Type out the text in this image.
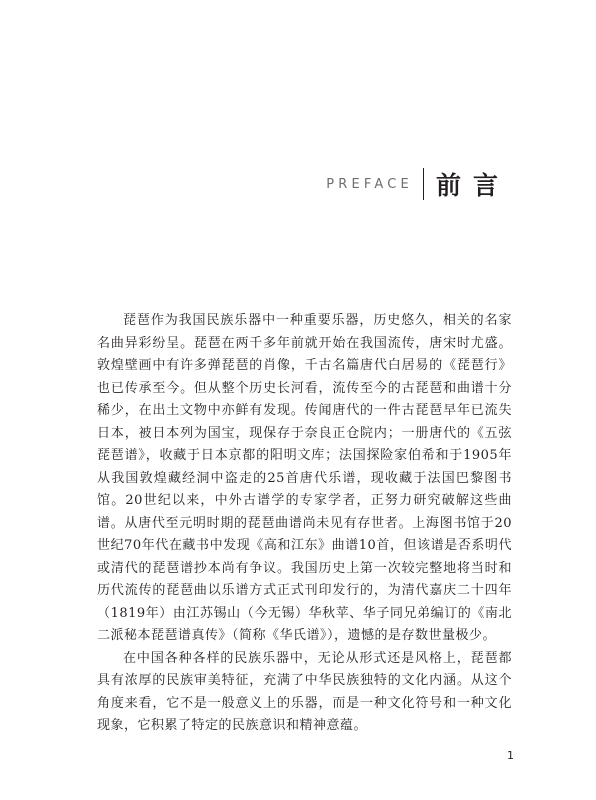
PREFACE 前言

琵琶作为我国民族乐器中一种重要乐器，历史悠久，相关的名家名曲异彩纷呈。琵琶在两千多年前就开始在我国流传，唐宋时尤盛。敦煌壁画中有许多弹琵琶的肖像，千古名篇唐代白居易的《琵琶行》也已传承至今。但从整个历史长河看，流传至今的古琵琶和曲谱十分稀少，在出土文物中亦鲜有发现。传闻唐代的一件古琵琶早年已流失日本，被日本列为国宝，现保存于奈良正仓院内；一册唐代的《五弦琵琶谱》，收藏于日本京都的阳明文库；法国探险家伯希和于1905年从我国敦煌藏经洞中盗走的25首唐代乐谱，现收藏于法国巴黎图书馆。20世纪以来，中外古谱学的专家学者，正努力研究破解这些曲谱。从唐代至元明时期的琵琶曲谱尚未见有存世者。上海图书馆于20世纪70年代在藏书中发现《高和江东》曲谱10首，但该谱是否系明代或清代的琵琶谱抄本尚有争议。我国历史上第一次较完整地将当时和历代流传的琵琶曲以乐谱方式正式刊印发行的，为清代嘉庆二十四年（1819年）由江苏锡山（今无锡）华秋苹、华子同兄弟编订的《南北二派秘本琵琶谱真传》（简称《华氏谱》），遗憾的是存数世量极少。

在中国各种各样的民族乐器中，无论从形式还是风格上，琵琶都具有浓厚的民族审美特征，充满了中华民族独特的文化内涵。从这个角度来看，它不是一般意义上的乐器，而是一种文化符号和一种文化现象，它积累了特定的民族意识和精神意蕴。

1
